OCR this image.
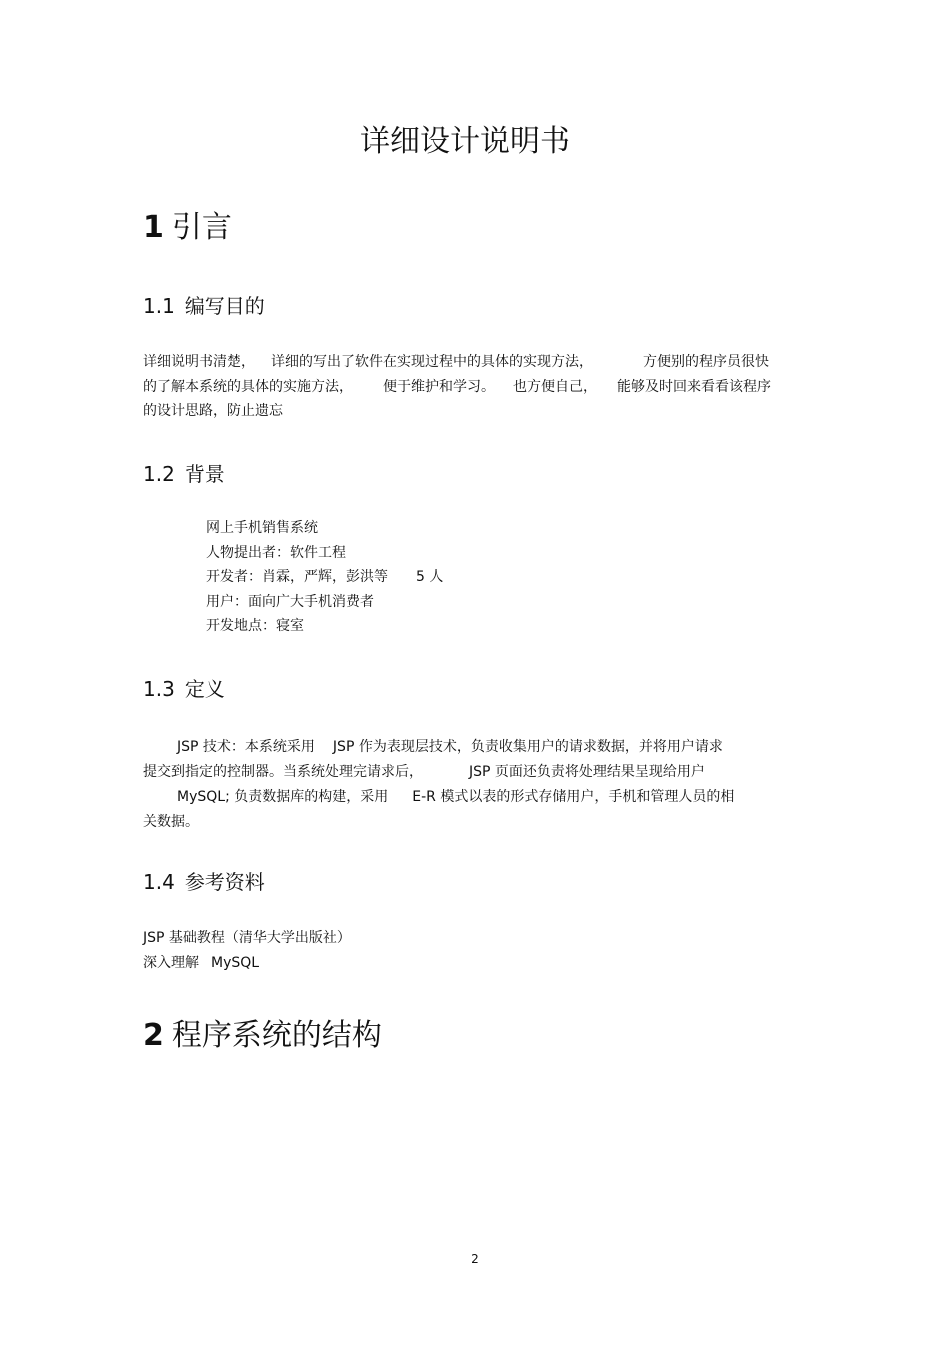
详细设计说明书
1 引言
1.1 编写目的
详细说明书清楚， 详细的写出了软件在实现过程中的具体的实现方法，	方便别的程序员很快
的了解本系统的具体的实施方法， 便于维护和学习。 也方便自己， 能够及时回来看看该程序
的设计思路，防止遗忘
1.2 背景
网上手机销售系统
人物提出者：软件工程
开发者：肖霖，严辉，彭洪等 5 人
用户：面向广大手机消费者
开发地点：寝室
1.3 定义
JSP 技术：本系统采用 JSP 作为表现层技术，负责收集用户的请求数据，并将用户请求
提交到指定的控制器。当系统处理完请求后，	JSP 页面还负责将处理结果呈现给用户
MySQL; 负责数据库的构建，采用 E-R 模式以表的形式存储用户，手机和管理人员的相
关数据。
1.4 参考资料
JSP 基础教程（清华大学出版社）
深入理解 MySQL
2 程序系统的结构
2
